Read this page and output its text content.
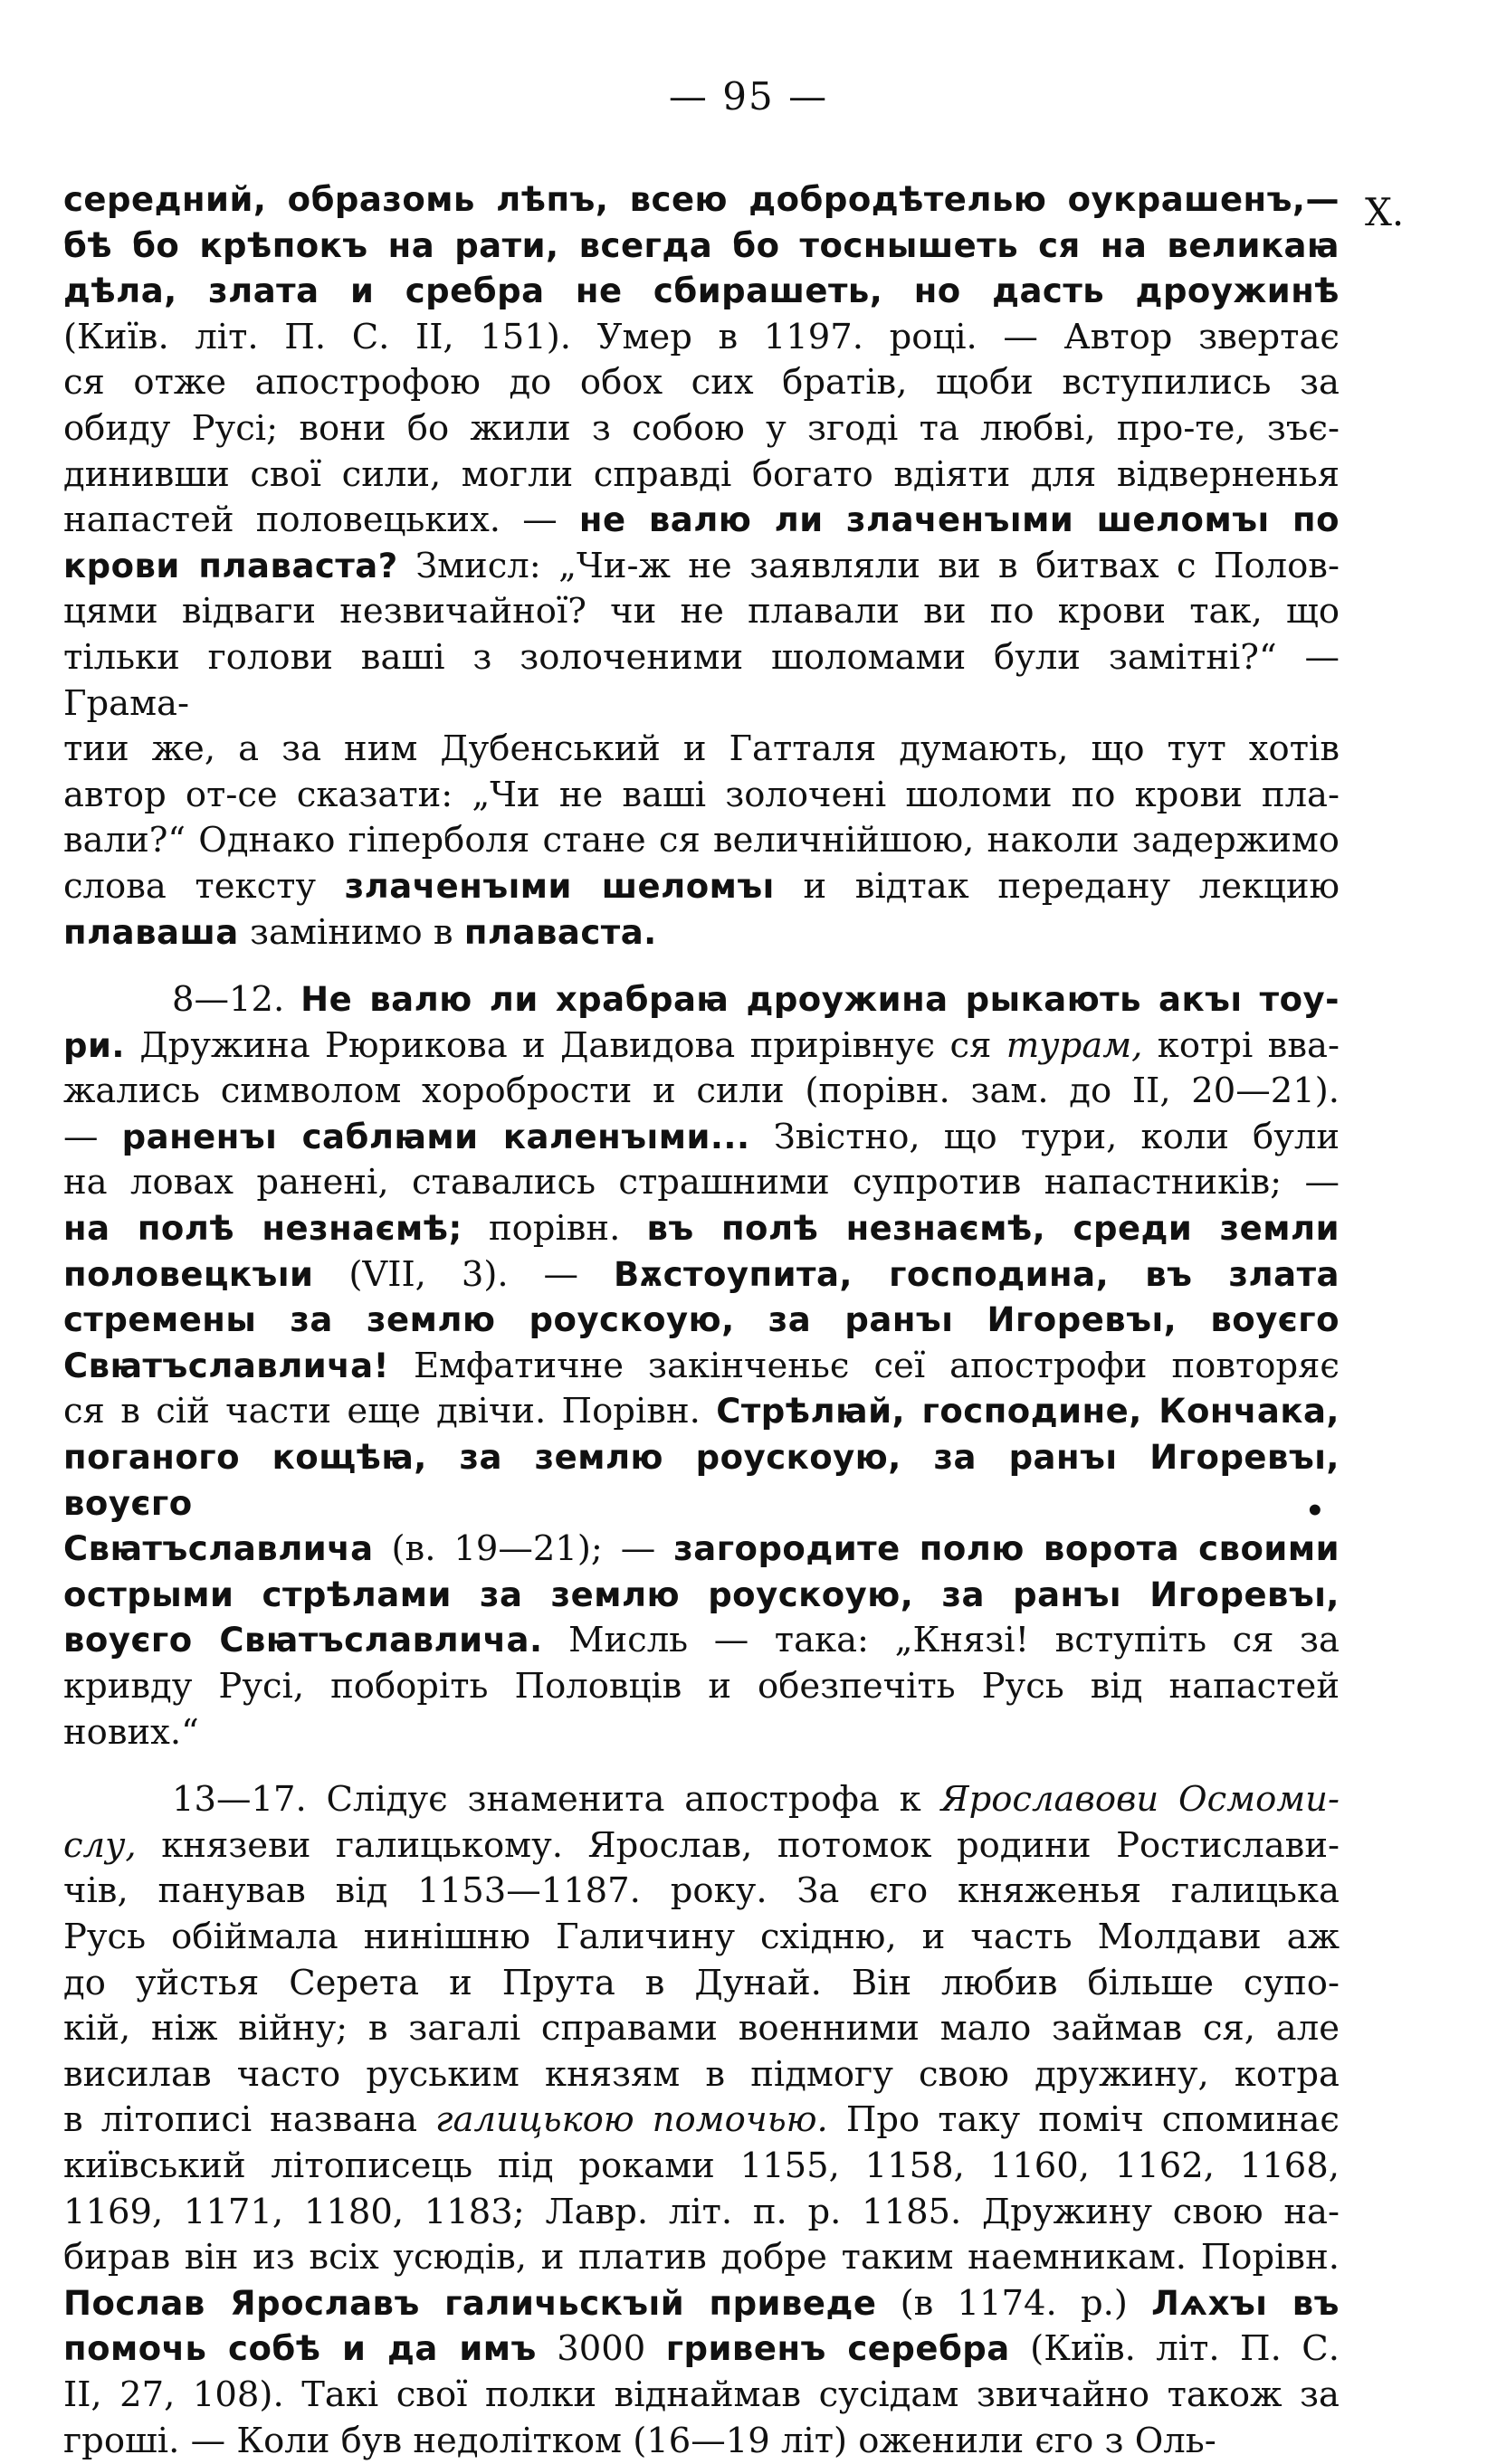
— 95 —
X.
•

середний, образомь лѣпъ, всею добродѣтелью оукрашенъ,—

бѣ бо крѣпокъ на рати, всегда бо тоснышеть ся на великаꙗ

дѣла, злата и сребра не сбирашеть, но дасть дроужинѣ

(Київ. літ. П. С. ІІ, 151). Умер в 1197. році. — Автор звертає

ся отже апострофою до обох сих братів, щоби вступились за

обиду Русі; вони бо жили з собою у згоді та любві, про-те, зъє-

динивши свої сили, могли справді богато вдіяти для відверненья

напастей половецьких. — не валю ли злаченъıми шеломъı по

крови плаваста? Змисл: „Чи-ж не заявляли ви в битвах с Полов-

цями відваги незвичайної? чи не плавали ви по крови так, що

тільки голови ваші з золоченими шоломами були замітні?“ — Грама-

тии же, а за ним Дубенський и Гатталя думають, що тут хотів

автор от-се сказати: „Чи не ваші золочені шоломи по крови пла-

вали?“ Однако гіперболя стане ся величнійшою, наколи задержимо

слова тексту злаченъıми шеломъı и відтак передану лекцию

плаваша замінимо в плаваста.

8—12. Не валю ли храбраꙗ дроужина рыкають акъı тоу-

ри. Дружина Рюрикова и Давидова прирівнує ся турам, котрі вва-

жались символом хоробрости и сили (порівн. зам. до ІІ, 20—21).

— раненъı саблꙗми каленъıми... Звістно, що тури, коли були

на ловах ранені, ставались страшними супротив напастників; —

на полѣ незнаємѣ; порівн. въ полѣ незнаємѣ, среди земли

половецкъıи (VII, 3). — Вѫстоупита, господина, въ злата

стремены за землю роускоую, за ранъı Игоревъı, воуєго

Свꙗтъславлича! Емфатичне закінченьє сеї апострофи повторяє

ся в сій части еще двічи. Порівн. Стрѣлꙗй, господине, Кончака,

поганого кощѣꙗ, за землю роускоую, за ранъı Игоревъı, воуєго

Свꙗтъславлича (в. 19—21); — загородите полю ворота своими

острыми стрѣлами за землю роускоую, за ранъı Игоревъı,

воуєго Свꙗтъславлича. Мисль — така: „Князі! вступіть ся за

кривду Русі, поборіть Половців и обезпечіть Русь від напастей

нових.“

13—17. Слідує знаменита апострофа к Ярославови Осмоми-

слу, князеви галицькому. Ярослав, потомок родини Ростислави-

чів, панував від 1153—1187. року. За єго княженья галицька

Русь обіймала нинішню Галичину східню, и часть Молдави аж

до уйстья Серета и Прута в Дунай. Він любив більше супо-

кій, ніж війну; в загалі справами военними мало займав ся, але

висилав часто руським князям в підмогу свою дружину, котра

в літописі названа галицькою помочью. Про таку поміч споминає

київський літописець під роками 1155, 1158, 1160, 1162, 1168,

1169, 1171, 1180, 1183; Лавр. літ. п. р. 1185. Дружину свою на-

бирав він из всіх усюдів, и платив добре таким наемникам. Порівн.

Послав Ярославъ галичьскъıй приведе (в 1174. р.) Лѧхъı въ

помочь собѣ и да имъ 3000 гривенъ серебра (Київ. літ. П. С.

ІІ, 27, 108). Такі свої полки віднаймав сусідам звичайно також за

гроші. — Коли був недолітком (16—19 літ) оженили єго з Оль-
